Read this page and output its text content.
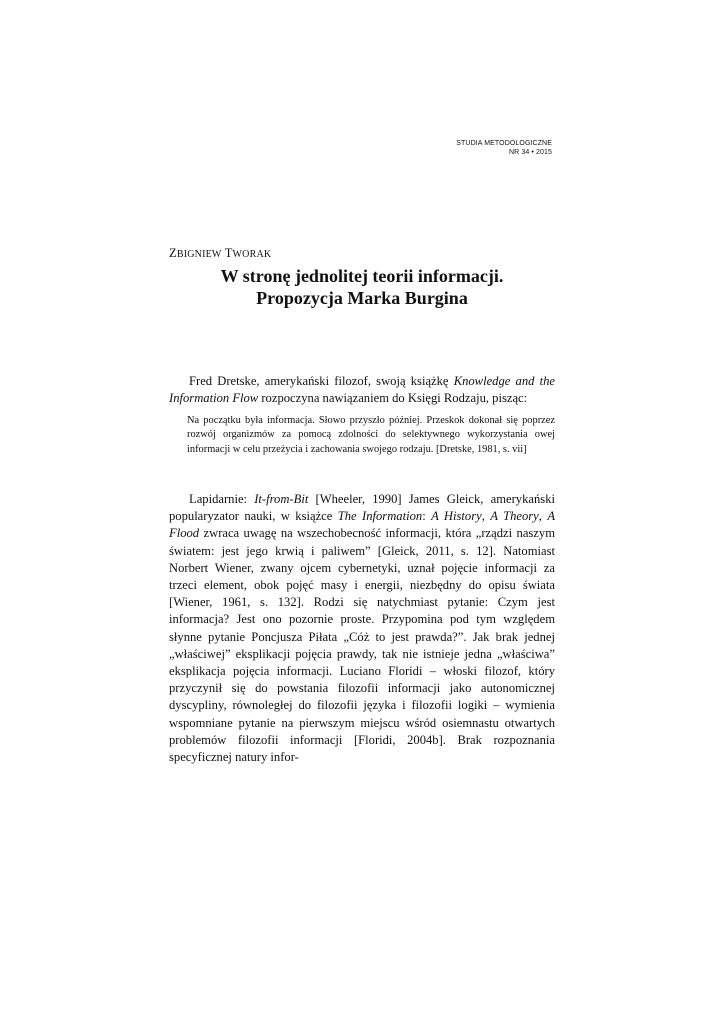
STUDIA METODOLOGICZNE
NR 34 • 2015
ZBIGNIEW TWORAK
W stronę jednolitej teorii informacji.
Propozycja Marka Burgina

Fred Dretske, amerykański filozof, swoją książkę Knowledge and the Information Flow rozpoczyna nawiązaniem do Księgi Rodzaju, pisząc:

Na początku była informacja. Słowo przyszło później. Przeskok dokonał się poprzez rozwój organizmów za pomocą zdolności do selektywnego wykorzystania owej informacji w celu przeżycia i zachowania swojego rodzaju. [Dretske, 1981, s. vii]

Lapidarnie: It-from-Bit [Wheeler, 1990] James Gleick, amerykański popularyzator nauki, w książce The Information: A History, A Theory, A Flood zwraca uwagę na wszechobecność informacji, która „rządzi naszym światem: jest jego krwią i paliwem” [Gleick, 2011, s. 12]. Natomiast Norbert Wiener, zwany ojcem cybernetyki, uznał pojęcie informacji za trzeci element, obok pojęć masy i energii, niezbędny do opisu świata [Wiener, 1961, s. 132]. Rodzi się natychmiast pytanie: Czym jest informacja? Jest ono pozornie proste. Przypomina pod tym względem słynne pytanie Poncjusza Piłata „Cóż to jest prawda?”. Jak brak jednej „właściwej” eksplikacji pojęcia prawdy, tak nie istnieje jedna „właściwa” eksplikacja pojęcia informacji. Luciano Floridi – włoski filozof, który przyczynił się do powstania filozofii informacji jako autonomicznej dyscypliny, równoległej do filozofii języka i filozofii logiki – wymienia wspomniane pytanie na pierwszym miejscu wśród osiemnastu otwartych problemów filozofii informacji [Floridi, 2004b]. Brak rozpoznania specyficznej natury infor-
